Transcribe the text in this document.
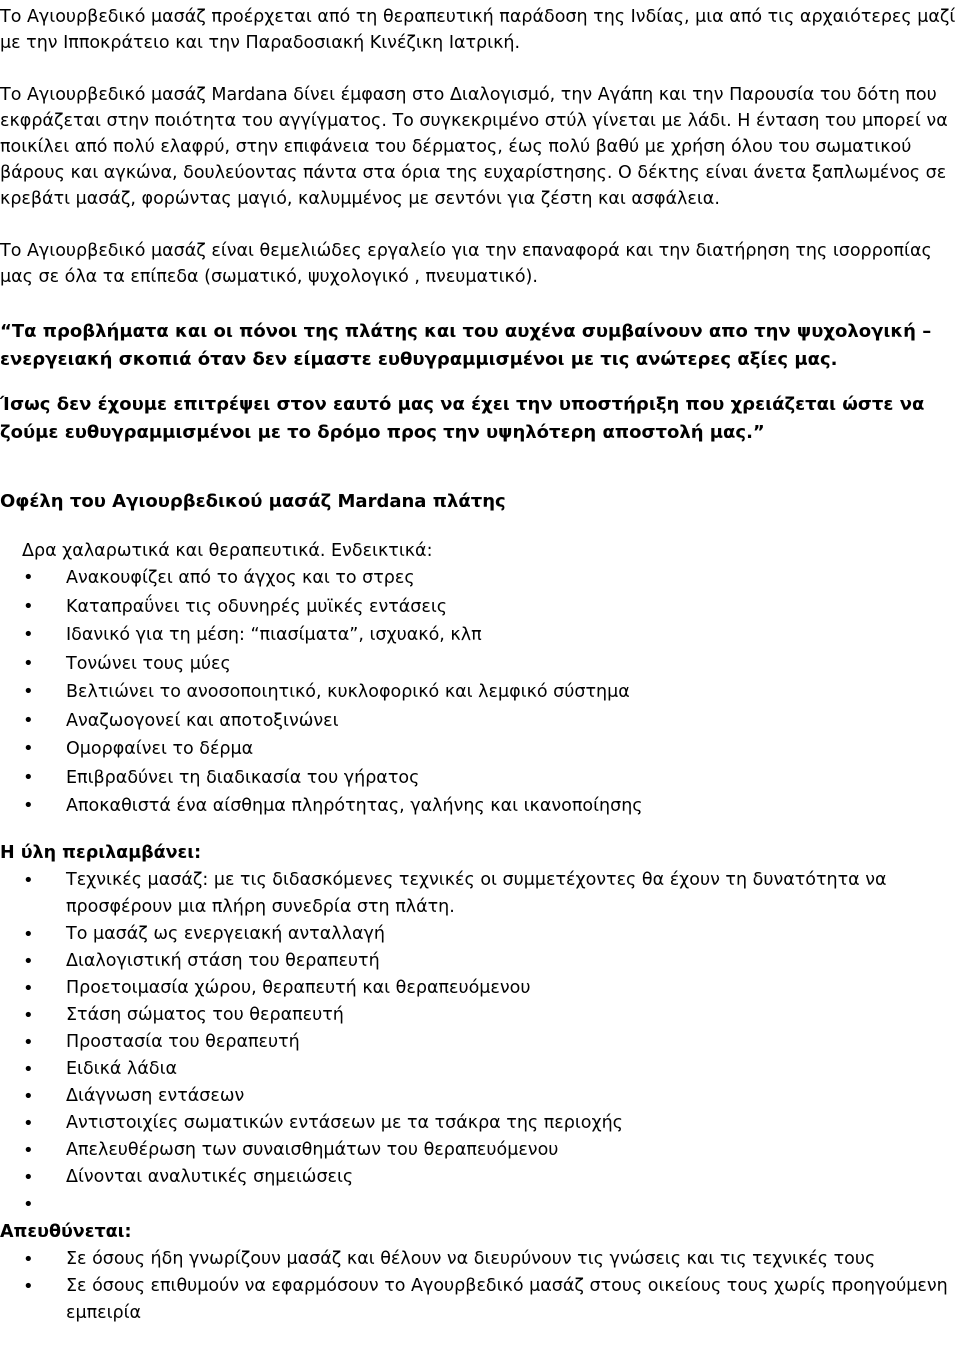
Το Αγιουρβεδικό μασάζ προέρχεται από τη θεραπευτική παράδοση της Ινδίας, μια από τις αρχαιότερες μαζί με την Ιπποκράτειο και την Παραδοσιακή Κινέζικη Ιατρική.

Το Αγιουρβεδικό μασάζ Mardana δίνει έμφαση στο Διαλογισμό, την Αγάπη και την Παρουσία του δότη που εκφράζεται στην ποιότητα του αγγίγματος. Το συγκεκριμένο στύλ γίνεται με λάδι. Η ένταση του μπορεί να ποικίλει από πολύ ελαφρύ, στην επιφάνεια του δέρματος, έως πολύ βαθύ με χρήση όλου του σωματικού βάρους και αγκώνα, δουλεύοντας πάντα στα όρια της ευχαρίστησης. Ο δέκτης είναι άνετα ξαπλωμένος σε κρεβάτι μασάζ, φορώντας μαγιό, καλυμμένος με σεντόνι για ζέστη και ασφάλεια.

Το Αγιουρβεδικό μασάζ είναι θεμελιώδες εργαλείο για την επαναφορά και την διατήρηση της ισορροπίας μας σε όλα τα επίπεδα (σωματικό, ψυχολογικό , πνευματικό).

“Τα προβλήματα και οι πόνοι της πλάτης και του αυχένα συμβαίνουν απο την ψυχολογική –ενεργειακή σκοπιά όταν δεν είμαστε ευθυγραμμισμένοι με τις ανώτερες αξίες μας.

Ίσως δεν έχουμε επιτρέψει στον εαυτό μας να έχει την υποστήριξη που χρειάζεται ώστε να ζούμε ευθυγραμμισμένοι με το δρόμο προς την υψηλότερη αποστολή μας.”

Οφέλη του Αγιουρβεδικού μασάζ Mardana πλάτης

Δρα χαλαρωτικά και θεραπευτικά. Ενδεικτικά:

• Ανακουφίζει από το άγχος και το στρες
• Καταπραΰνει τις οδυνηρές μυϊκές εντάσεις
• Ιδανικό για τη μέση: “πιασίματα”, ισχυακό, κλπ
• Τονώνει τους μύες
• Βελτιώνει το ανοσοποιητικό, κυκλοφορικό και λεμφικό σύστημα
• Αναζωογονεί και αποτοξινώνει
• Ομορφαίνει το δέρμα
• Επιβραδύνει τη διαδικασία του γήρατος
• Αποκαθιστά ένα αίσθημα πληρότητας, γαλήνης και ικανοποίησης
Η ύλη περιλαμβάνει:
• Τεχνικές μασάζ: με τις διδασκόμενες τεχνικές οι συμμετέχοντες θα έχουν τη δυνατότητα να προσφέρουν μια πλήρη συνεδρία στη πλάτη.
• Το μασάζ ως ενεργειακή ανταλλαγή
• Διαλογιστική στάση του θεραπευτή
• Προετοιμασία χώρου, θεραπευτή και θεραπευόμενου
• Στάση σώματος του θεραπευτή
• Προστασία του θεραπευτή
• Ειδικά λάδια
• Διάγνωση εντάσεων
• Αντιστοιχίες σωματικών εντάσεων με τα τσάκρα της περιοχής
• Απελευθέρωση των συναισθημάτων του θεραπευόμενου
• Δίνονται αναλυτικές σημειώσεις
•

Απευθύνεται:
• Σε όσους ήδη γνωρίζουν μασάζ και θέλουν να διευρύνουν τις γνώσεις και τις τεχνικές τους
• Σε όσους επιθυμούν να εφαρμόσουν το Αγουρβεδικό μασάζ στους οικείους τους χωρίς προηγούμενη εμπειρία
